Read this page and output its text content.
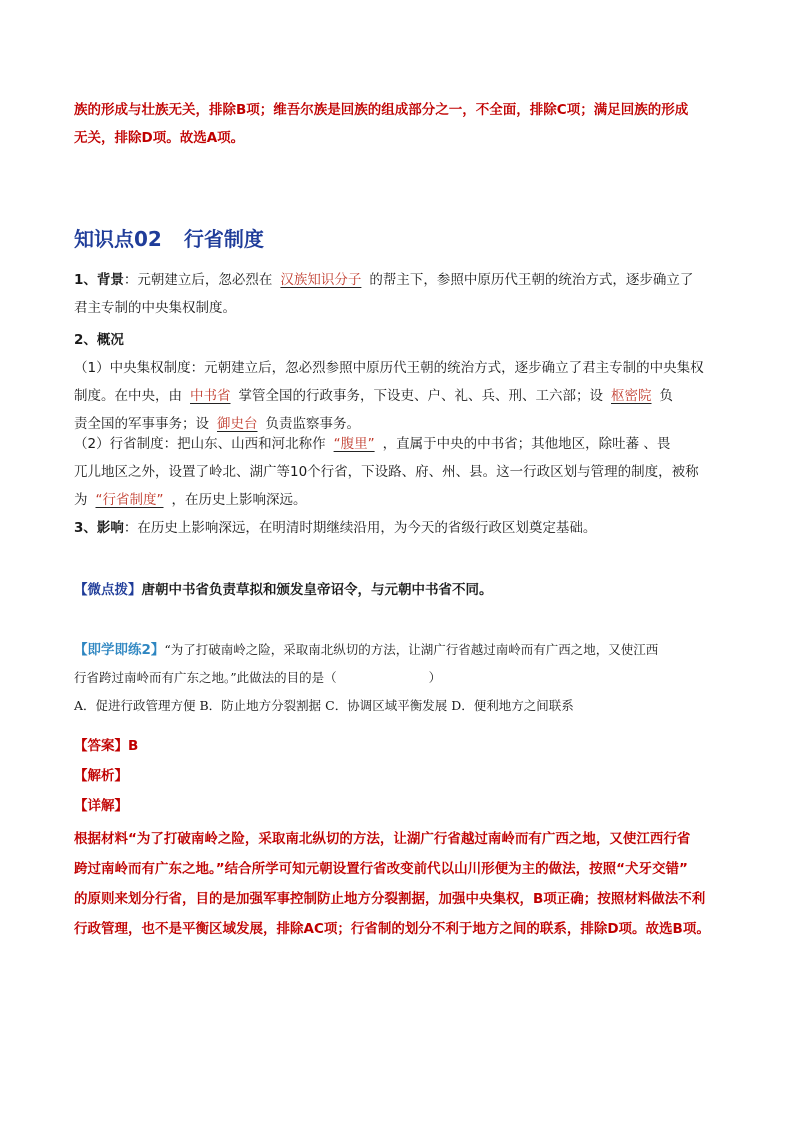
族的形成与壮族无关，排除B项；维吾尔族是回族的组成部分之一，不全面，排除C项；满足回族的形成
无关，排除D项。故选A项。
知识点02 行省制度
1、背景：元朝建立后，忽必烈在 汉族知识分子 的帮主下，参照中原历代王朝的统治方式，逐步确立了
君主专制的中央集权制度。
2、概况
（1）中央集权制度：元朝建立后，忽必烈参照中原历代王朝的统治方式，逐步确立了君主专制的中央集权
制度。在中央，由 中书省 掌管全国的行政事务，下设吏、户、礼、兵、刑、工六部；设 枢密院 负
责全国的军事事务；设 御史台 负责监察事务。
（2）行省制度：把山东、山西和河北称作 “腹里” ，直属于中央的中书省；其他地区，除吐蕃 、畏
兀儿地区之外，设置了岭北、湖广等10个行省，下设路、府、州、县。这一行政区划与管理的制度，被称
为 “行省制度” ，在历史上影响深远。
3、影响：在历史上影响深远，在明清时期继续沿用，为今天的省级行政区划奠定基础。
【微点拨】唐朝中书省负责草拟和颁发皇帝诏令，与元朝中书省不同。
【即学即练2】“为了打破南岭之险，采取南北纵切的方法，让湖广行省越过南岭而有广西之地，又使江西
行省跨过南岭而有广东之地。”此做法的目的是（	）
A．促进行政管理方便 B．防止地方分裂割据 C．协调区域平衡发展 D．便利地方之间联系
【答案】B
【解析】
【详解】
根据材料“为了打破南岭之险，采取南北纵切的方法，让湖广行省越过南岭而有广西之地，又使江西行省
跨过南岭而有广东之地。”结合所学可知元朝设置行省改变前代以山川形便为主的做法，按照“犬牙交错”
的原则来划分行省，目的是加强军事控制防止地方分裂割据，加强中央集权，B项正确；按照材料做法不利
行政管理，也不是平衡区域发展，排除AC项；行省制的划分不利于地方之间的联系，排除D项。故选B项。
